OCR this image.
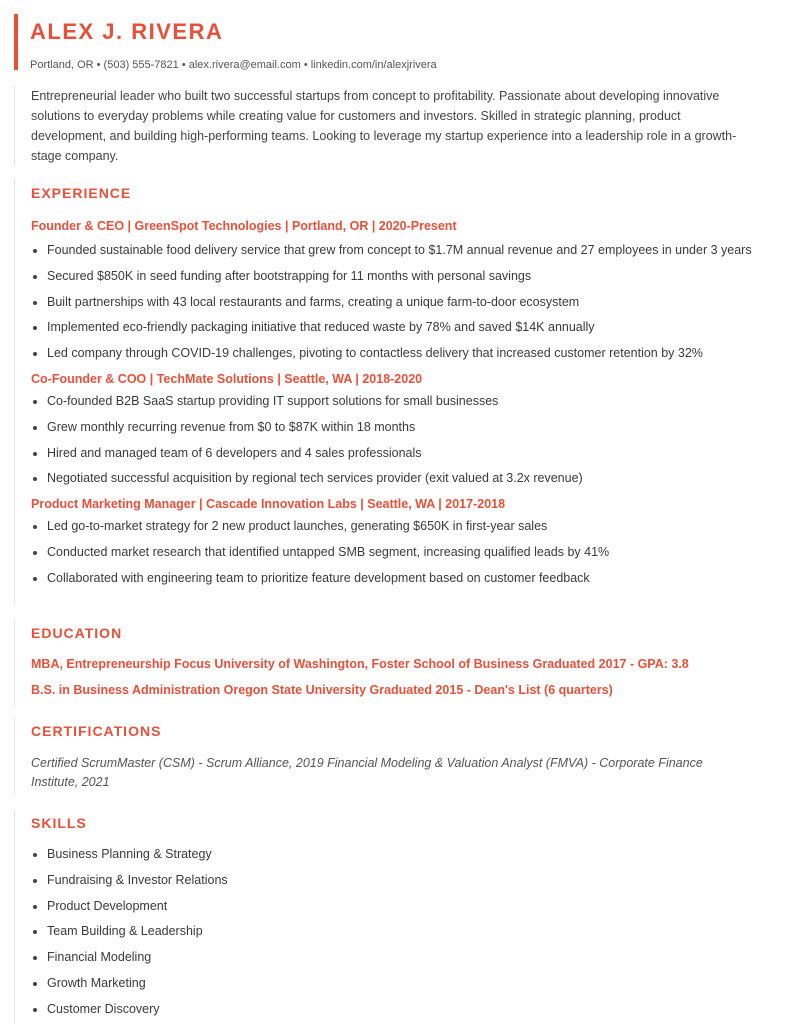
ALEX J. RIVERA
Portland, OR • (503) 555-7821 • alex.rivera@email.com • linkedin.com/in/alexjrivera
Entrepreneurial leader who built two successful startups from concept to profitability. Passionate about developing innovative solutions to everyday problems while creating value for customers and investors. Skilled in strategic planning, product development, and building high-performing teams. Looking to leverage my startup experience into a leadership role in a growth-stage company.
EXPERIENCE
Founder & CEO | GreenSpot Technologies | Portland, OR | 2020-Present
Founded sustainable food delivery service that grew from concept to $1.7M annual revenue and 27 employees in under 3 years
Secured $850K in seed funding after bootstrapping for 11 months with personal savings
Built partnerships with 43 local restaurants and farms, creating a unique farm-to-door ecosystem
Implemented eco-friendly packaging initiative that reduced waste by 78% and saved $14K annually
Led company through COVID-19 challenges, pivoting to contactless delivery that increased customer retention by 32%
Co-Founder & COO | TechMate Solutions | Seattle, WA | 2018-2020
Co-founded B2B SaaS startup providing IT support solutions for small businesses
Grew monthly recurring revenue from $0 to $87K within 18 months
Hired and managed team of 6 developers and 4 sales professionals
Negotiated successful acquisition by regional tech services provider (exit valued at 3.2x revenue)
Product Marketing Manager | Cascade Innovation Labs | Seattle, WA | 2017-2018
Led go-to-market strategy for 2 new product launches, generating $650K in first-year sales
Conducted market research that identified untapped SMB segment, increasing qualified leads by 41%
Collaborated with engineering team to prioritize feature development based on customer feedback
EDUCATION
MBA, Entrepreneurship Focus University of Washington, Foster School of Business Graduated 2017 - GPA: 3.8
B.S. in Business Administration Oregon State University Graduated 2015 - Dean's List (6 quarters)
CERTIFICATIONS
Certified ScrumMaster (CSM) - Scrum Alliance, 2019 Financial Modeling & Valuation Analyst (FMVA) - Corporate Finance Institute, 2021
SKILLS
Business Planning & Strategy
Fundraising & Investor Relations
Product Development
Team Building & Leadership
Financial Modeling
Growth Marketing
Customer Discovery
